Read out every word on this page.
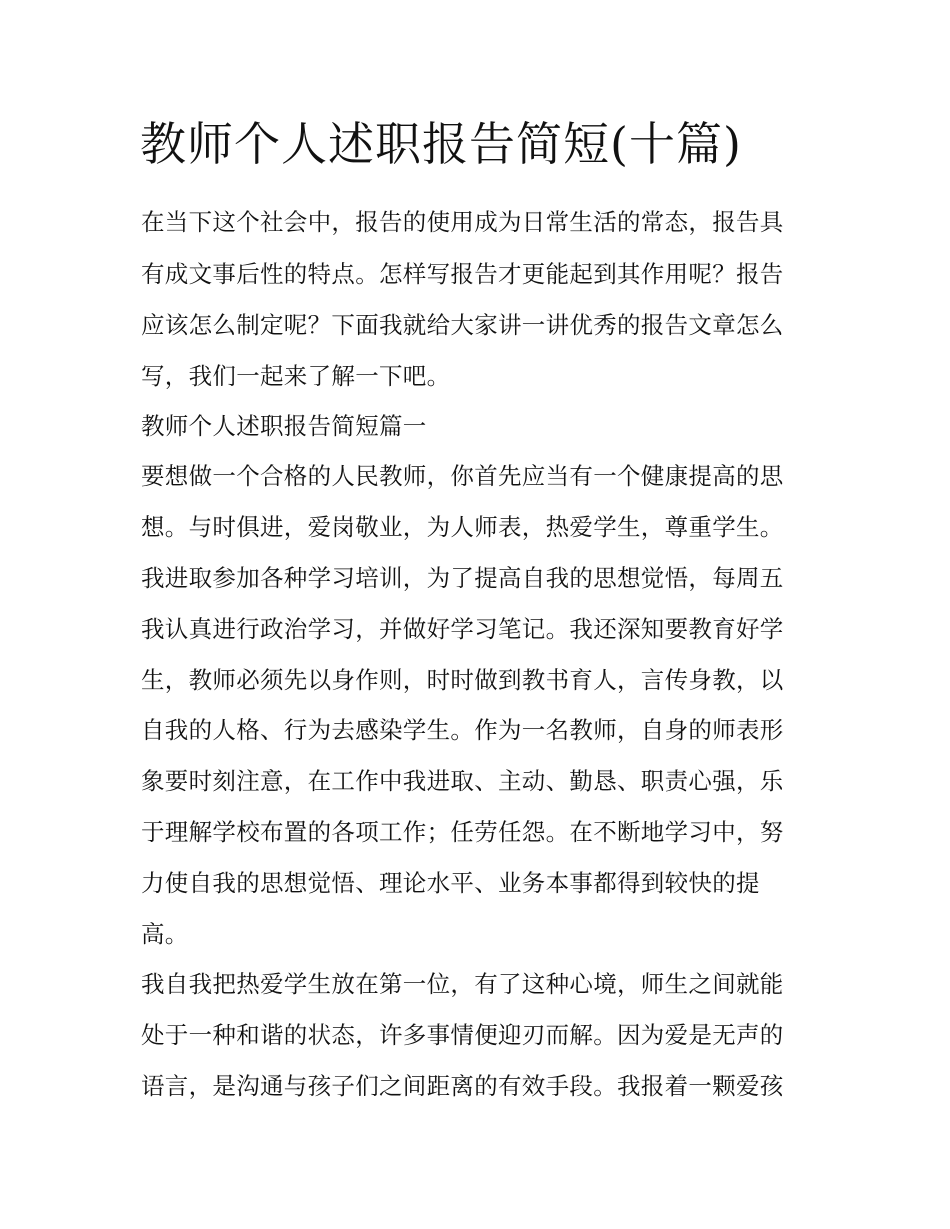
教师个人述职报告简短(十篇)

在当下这个社会中，报告的使用成为日常生活的常态，报告具

有成文事后性的特点。怎样写报告才更能起到其作用呢？报告

应该怎么制定呢？下面我就给大家讲一讲优秀的报告文章怎么

写，我们一起来了解一下吧。

教师个人述职报告简短篇一

要想做一个合格的人民教师，你首先应当有一个健康提高的思

想。与时俱进，爱岗敬业，为人师表，热爱学生，尊重学生。

我进取参加各种学习培训，为了提高自我的思想觉悟，每周五

我认真进行政治学习，并做好学习笔记。我还深知要教育好学

生，教师必须先以身作则，时时做到教书育人，言传身教，以

自我的人格、行为去感染学生。作为一名教师，自身的师表形

象要时刻注意，在工作中我进取、主动、勤恳、职责心强，乐

于理解学校布置的各项工作；任劳任怨。在不断地学习中，努

力使自我的思想觉悟、理论水平、业务本事都得到较快的提

高。

我自我把热爱学生放在第一位，有了这种心境，师生之间就能

处于一种和谐的状态，许多事情便迎刃而解。因为爱是无声的

语言，是沟通与孩子们之间距离的有效手段。我报着一颗爱孩
